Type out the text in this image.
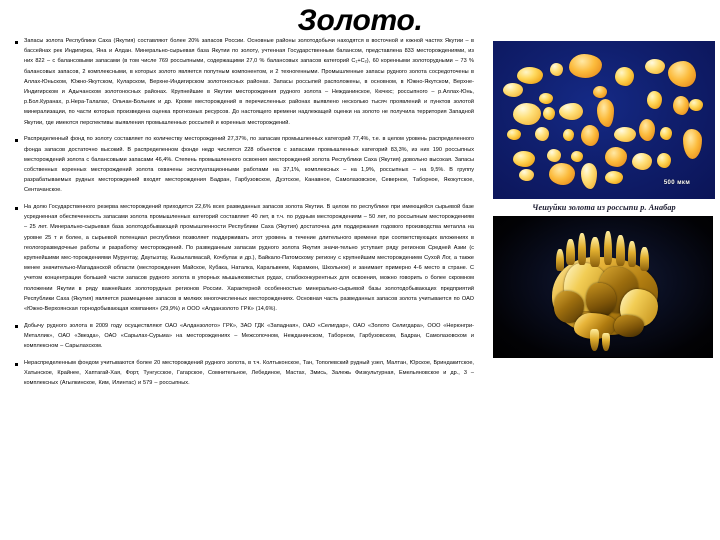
Золото.

Запасы золота Республики Саха (Якутия) составляют более 20% запасов России. Основные районы золотодобычи находятся в восточной и южной частях Якутии – в бассейнах рек Индигирка, Яна и Алдан. Минерально-сырьевая база Якутии по золоту, учтенная Государственным балансом, представлена 833 месторождениями, из них 822 – с балансовыми запасами (в том числе 769 россыпными, содержащими 27,0 % балансовых запасов категорий C₁+C₂), 60 коренными золоторудными – 73 % балансовых запасов, 2 комплексными, в которых золото является попутным компонентом, и 2 техногенными. Промышленные запасы рудного золота сосредоточены в Аллах-Юньском, Южно-Якутском, Куларском, Верхне-Индигирском золотоносных районах. Запасы россыпей расположены, в основном, в Южно-Якутском, Верхне-Индигирском и Адычанском золотоносных районах. Крупнейшие в Якутии месторождения рудного золота – Нежданинское, Кючюс; россыпного – р.Аллах-Юнь, р.Бол.Куранах, р.Нера-Талалах, Ольчан-Больник и др. Кроме месторождений в перечисленных районах выявлено несколько тысяч проявлений и пунктов золотой минерализации, по части которых произведена оценка прогнозных ресурсов. До настоящего времени надлежащей оценки на золото не получила территория Западной Якутии, где имеются перспективы выявления промышленных россыпей и коренных месторождений.

Распределенный фонд по золоту составляет по количеству месторождений 27,37%, по запасам промышленных категорий 77,4%, т.е. в целом уровень распределенного фонда запасов достаточно высокий. В распределенном фонде недр числятся 228 объектов с запасами промышленных категорий 83,3%, из них 190 россыпных месторождений золота с балансовыми запасами 46,4%. Степень промышленного освоения месторождений золота Республики Саха (Якутия) довольно высокая. Запасы собственных коренных месторождений золота охвачены эксплуатационными работами на 37,1%, комплексных – на 1,9%, россыпных – на 9,5%. В группу разрабатываемых рудных месторождений входят месторождения Бадран, Гарбузовское, Дуэтское, Канавное, Самолазовское, Северное, Таборное, Якокутское, Сентачанское.

На долю Государственного резерва месторождений приходится 22,6% всех разведанных запасов золота Якутии. В целом по республике при имеющейся сырьевой базе усредненная обеспеченность запасами золота промышленных категорий составляет 40 лет, в т.ч. по рудным месторождениям – 50 лет, по россыпным месторождениям – 25 лет. Минерально-сырьевая база золотодобывающей промышленности Республики Саха (Якутия) достаточна для поддержания годового производства металла на уровне 25 т и более, а сырьевой потенциал республики позволяет поддерживать этот уровень в течение длительного времени при соответствующих вложениях в геологоразведочные работы и разработку месторождений. По разведанным запасам рудного золота Якутия значи-тельно уступает ряду регионов Средней Азии (с крупнейшими мес-торождениями Мурунтау, Даугызтау, Кызылалмасай, Кочбулак и др.), Байкало-Патомскому региону с крупнейшим месторождением Сухой Лог, а также менее значительно-Магаданской области (месторождения Майское, Кубака, Наталка, Каральвеем, Карамкен, Школьное) и занимает примерно 4-6 место в стране. С учетом концентрации большей части запасов рудного золота в упорных мышьяковистых рудах, слабоконкурентных для освоения, можно говорить о более скромном положении Якутии в ряду важнейших золоторудных регионов России. Характерной особенностью минерально-сырьевой базы золотодобывающих предприятий Республики Саха (Якутия) является размещение запасов в мелких многочисленных месторождениях. Основная часть разведанных запасов золота учитывается по ОАО «Южно-Верхоянская горнодобывающая компания» (29,9%) и ООО «Алданзолото ГРК» (14,6%).

Добычу рудного золота в 2009 году осуществляют ОАО «Алданзолото» ГРК», ЗАО ГДК «Западная», ОАО «Селигдар», ОАО «Золото Селигдара», ООО «Нерюнгри-Металлик», ОАО «Звезда», ОАО «Сарылах-Сурьма» на месторождениях – Межсопочном, Нежданинском, Таборном, Гарбузовском, Бадран, Самолазовском и комплексном – Сарылахском.

Нераспределенным фондом учитываются более 20 месторождений рудного золота, в т.ч. Колтыконское, Тан, Тополевский рудный узел, Малтан, Юрское, Бриндакитское, Хатынское, Крайнее, Хаптагай-Хая, Форт, Тунгусское, Гагарское, Сомнительное, Лебединое, Мастах, Змись, Залежь Физкультурная, Емельяновское и др., 3 – комплексных (Агылкинское, Ким, Илинтас) и 579 – россыпных.

500 мкм
Чешуйки золота из россыпи р. Анабар
